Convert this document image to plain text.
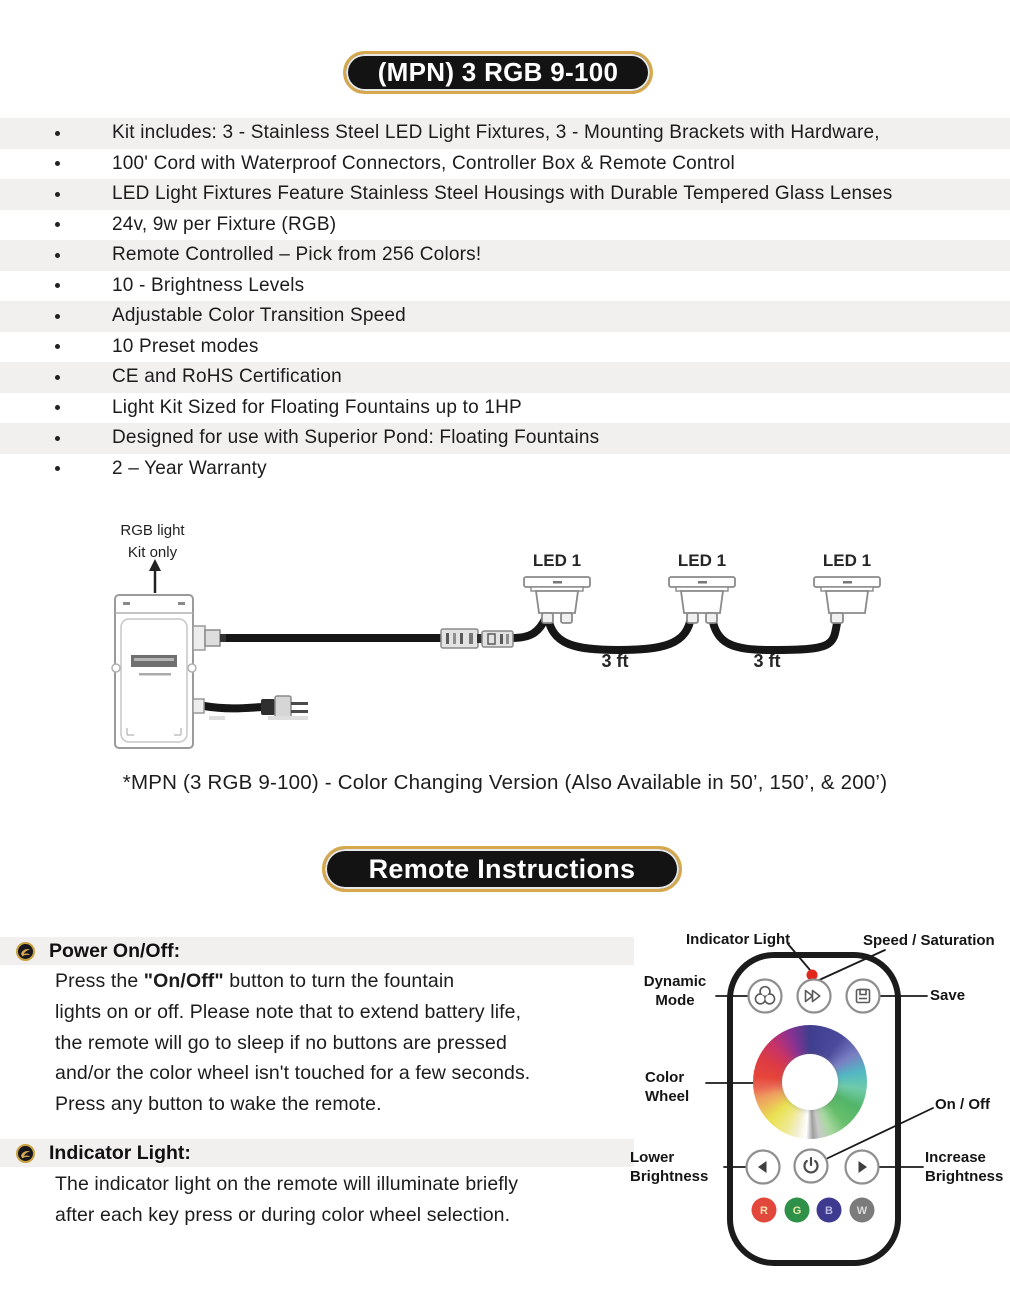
(MPN) 3 RGB 9-100
Kit includes: 3 - Stainless Steel LED Light Fixtures, 3 - Mounting Brackets with Hardware,
100' Cord with Waterproof Connectors, Controller Box & Remote Control
LED Light Fixtures Feature Stainless Steel Housings with Durable Tempered Glass Lenses
24v, 9w per Fixture (RGB)
Remote Controlled – Pick from 256 Colors!
10 - Brightness Levels
Adjustable Color Transition Speed
10 Preset modes
CE and RoHS Certification
Light Kit Sized for Floating Fountains up to 1HP
Designed for use with Superior Pond: Floating Fountains
2 – Year Warranty
RGB light
Kit only	LED 1	LED 1	LED 1
3 ft	3 ft
*MPN (3 RGB 9-100) - Color Changing Version (Also Available in 50’, 150’, & 200’)
Remote Instructions
Power On/Off:
Press the "On/Off" button to turn the fountain
lights on or off. Please note that to extend battery life,
the remote will go to sleep if no buttons are pressed
and/or the color wheel isn't touched for a few seconds.
Press any button to wake the remote.
Indicator Light:
The indicator light on the remote will illuminate briefly
after each key press or during color wheel selection.	R G B W
Indicator Light	Speed / Saturation
Dynamic Mode	Save
Color Wheel	On / Off
Lower Brightness
Increase Brightness
